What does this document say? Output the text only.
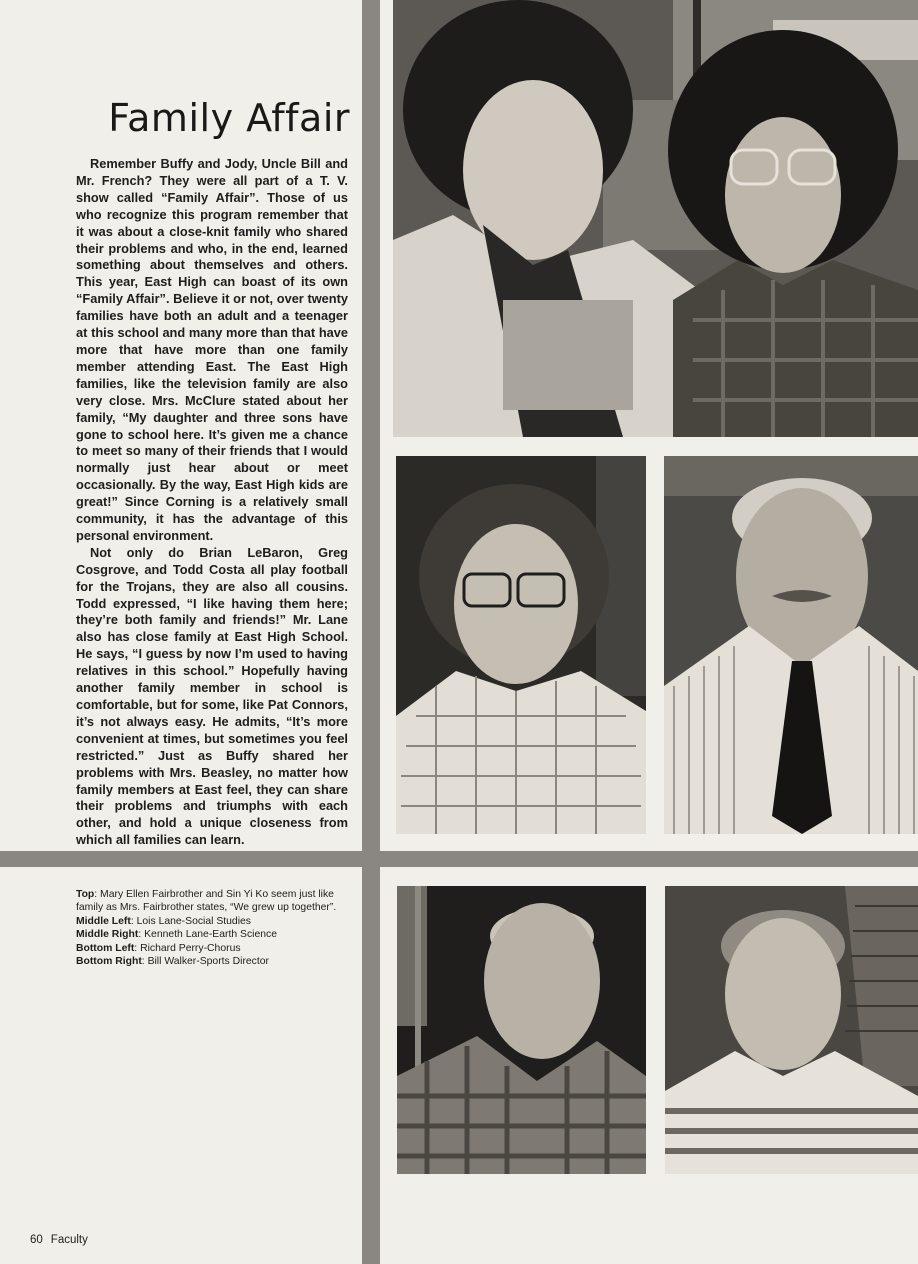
Family Affair

Remember Buffy and Jody, Uncle Bill and Mr. French? They were all part of a T. V. show called “Family Affair”. Those of us who recognize this program remember that it was about a close-knit family who shared their problems and who, in the end, learned something about themselves and others. This year, East High can boast of its own “Family Affair”. Believe it or not, over twenty families have both an adult and a teenager at this school and many more than that have more that have more than one family member attending East. The East High families, like the television family are also very close. Mrs. McClure stated about her family, “My daughter and three sons have gone to school here. It’s given me a chance to meet so many of their friends that I would normally just hear about or meet occasionally. By the way, East High kids are great!” Since Corning is a relatively small community, it has the advantage of this personal environment.

Not only do Brian LeBaron, Greg Cosgrove, and Todd Costa all play football for the Trojans, they are also all cousins. Todd expressed, “I like having them here; they’re both family and friends!” Mr. Lane also has close family at East High School. He says, “I guess by now I’m used to having relatives in this school.” Hopefully having another family member in school is comfortable, but for some, like Pat Connors, it’s not always easy. He admits, “It’s more convenient at times, but sometimes you feel restricted.” Just as Buffy shared her problems with Mrs. Beasley, no matter how family members at East feel, they can share their problems and triumphs with each other, and hold a unique closeness from which all families can learn.

Top: Mary Ellen Fairbrother and Sin Yi Ko seem just like family as Mrs. Fairbrother states, “We grew up together”.
Middle Left: Lois Lane-Social Studies
Middle Right: Kenneth Lane-Earth Science
Bottom Left: Richard Perry-Chorus
Bottom Right: Bill Walker-Sports Director
60 Faculty
